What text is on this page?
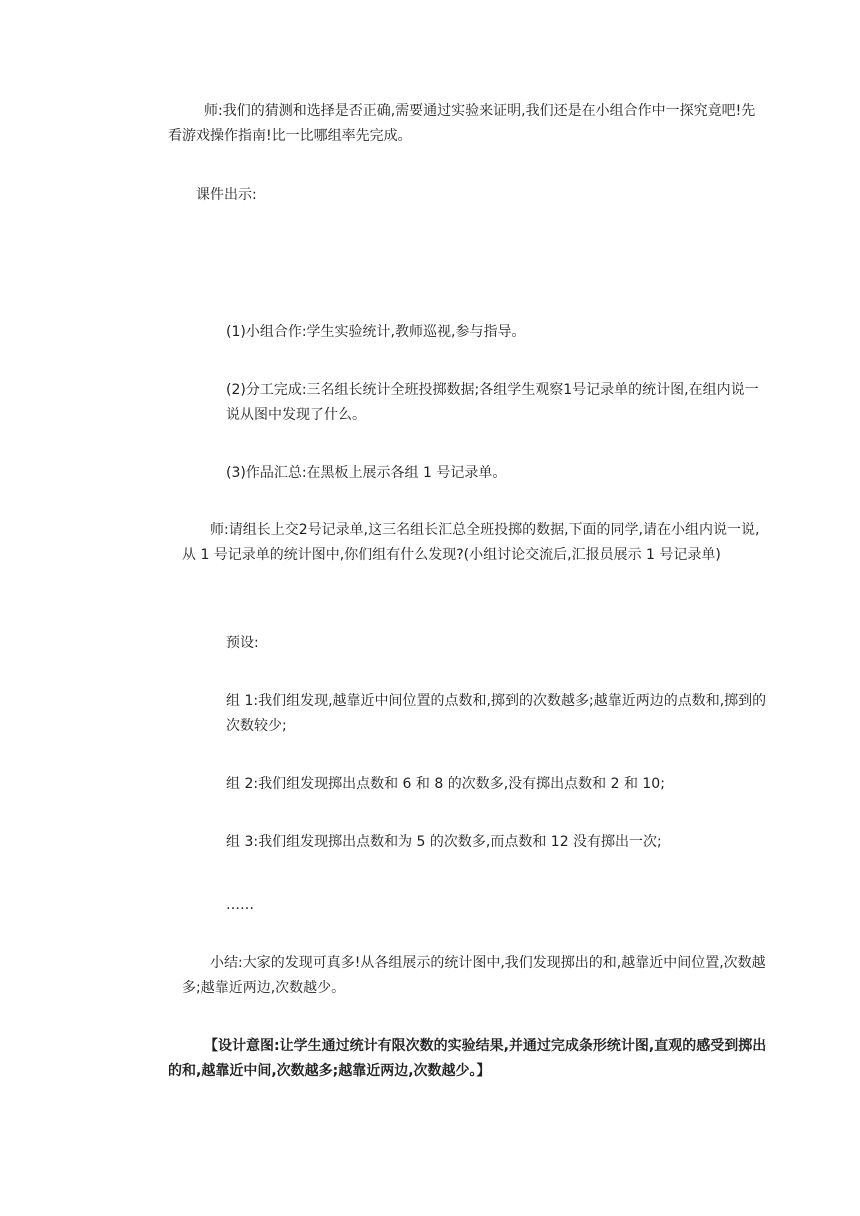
师:我们的猜测和选择是否正确,需要通过实验来证明,我们还是在小组合作中一探究竟吧!先看游戏操作指南!比一比哪组率先完成。

课件出示:

(1)小组合作:学生实验统计,教师巡视,参与指导。

(2)分工完成:三名组长统计全班投掷数据;各组学生观察1号记录单的统计图,在组内说一说从图中发现了什么。

(3)作品汇总:在黑板上展示各组 1 号记录单。

师:请组长上交2号记录单,这三名组长汇总全班投掷的数据,下面的同学,请在小组内说一说,从 1 号记录单的统计图中,你们组有什么发现?(小组讨论交流后,汇报员展示 1 号记录单)

预设:

组 1:我们组发现,越靠近中间位置的点数和,掷到的次数越多;越靠近两边的点数和,掷到的次数较少;

组 2:我们组发现掷出点数和 6 和 8 的次数多,没有掷出点数和 2 和 10;

组 3:我们组发现掷出点数和为 5 的次数多,而点数和 12 没有掷出一次;

……

小结:大家的发现可真多!从各组展示的统计图中,我们发现掷出的和,越靠近中间位置,次数越多;越靠近两边,次数越少。

【设计意图:让学生通过统计有限次数的实验结果,并通过完成条形统计图,直观的感受到掷出的和,越靠近中间,次数越多;越靠近两边,次数越少。】
